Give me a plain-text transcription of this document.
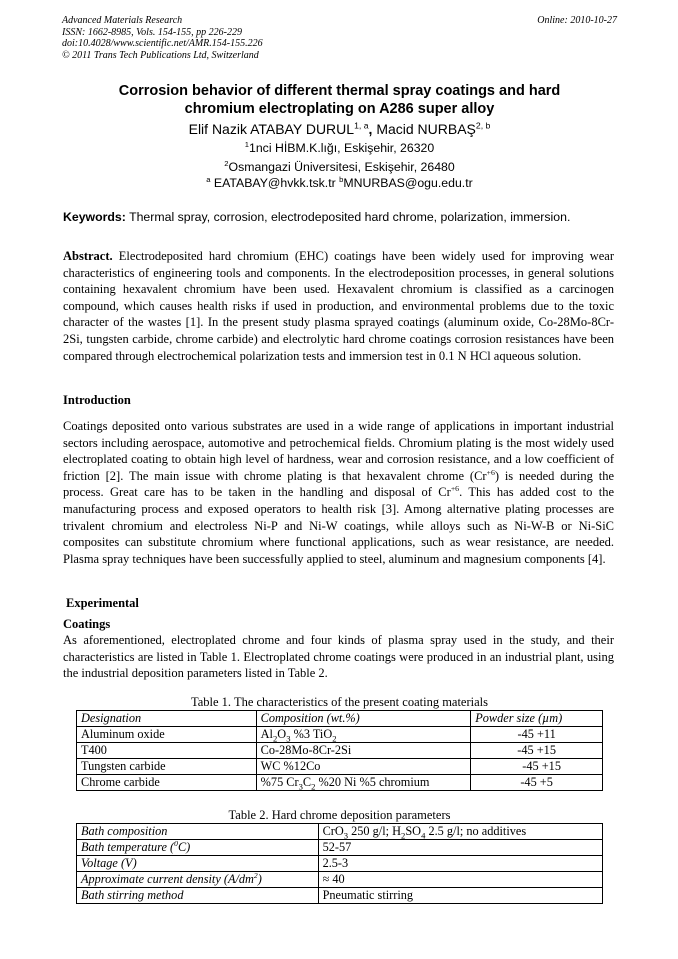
Advanced Materials Research
ISSN: 1662-8985, Vols. 154-155, pp 226-229
doi:10.4028/www.scientific.net/AMR.154-155.226
© 2011 Trans Tech Publications Ltd, Switzerland
Online: 2010-10-27
Corrosion behavior of different thermal spray coatings and hard
chromium electroplating on A286 super alloy
Elif Nazik ATABAY DURUL$^{1, a}$, Macid NURBAŞ$^{2, b}$
$^1$1nci HİBM.K.lığı, Eskişehir, 26320
$^2$Osmangazi Üniversitesi, Eskişehir, 26480
$^a$ EATABAY@hvkk.tsk.tr $^b$MNURBAS@ogu.edu.tr
Keywords: Thermal spray, corrosion, electrodeposited hard chrome, polarization, immersion.
Abstract. Electrodeposited hard chromium (EHC) coatings have been widely used for improving wear characteristics of engineering tools and components. In the electrodeposition processes, in general solutions containing hexavalent chromium have been used. Hexavalent chromium is classified as a carcinogen compound, which causes health risks if used in production, and environmental problems due to the toxic character of the wastes [1]. In the present study plasma sprayed coatings (aluminum oxide, Co-28Mo-8Cr-2Si, tungsten carbide, chrome carbide) and electrolytic hard chrome coatings corrosion resistances have been compared through electrochemical polarization tests and immersion test in 0.1 N HCl aqueous solution.
Introduction
Coatings deposited onto various substrates are used in a wide range of applications in important industrial sectors including aerospace, automotive and petrochemical fields. Chromium plating is the most widely used electroplated coating to obtain high level of hardness, wear and corrosion resistance, and a low coefficient of friction [2]. The main issue with chrome plating is that hexavalent chrome $(Cr^{+6})$ is needed during the process. Great care has to be taken in the handling and disposal of $Cr^{+6}$. This has added cost to the manufacturing process and exposed operators to health risk [3]. Among alternative plating processes are trivalent chromium and electroless Ni-P and Ni-W coatings, while alloys such as Ni-W-B or Ni-SiC composites can substitute chromium where functional applications, such as wear resistance, are needed. Plasma spray techniques have been successfully applied to steel, aluminum and magnesium components [4].
Experimental
Coatings
As aforementioned, electroplated chrome and four kinds of plasma spray used in the study, and their characteristics are listed in Table 1. Electroplated chrome coatings were produced in an industrial plant, using the industrial deposition parameters listed in Table 2.
Table 1. The characteristics of the present coating materials
Designation	Composition (wt.%)	Powder size (µm)
Aluminum oxide	$Al_2O_3$ %3 TiO$_2$	-45 +11
T400	Co-28Mo-8Cr-2Si	-45 +15
Tungsten carbide	WC %12Co	-45 +15
Chrome carbide	%75 $Cr_3C_2$ %20 Ni %5 chromium	-45 +5
Table 2. Hard chrome deposition parameters
Bath composition	CrO$_3$ 250 g/l; $H_2SO_4$ 2.5 g/l; no additives
Bath temperature ($^0$C)	52-57
Voltage (V)	2.5-3
Approximate current density $(A/dm^2)$	≈ 40
Bath stirring method	Pneumatic stirring
